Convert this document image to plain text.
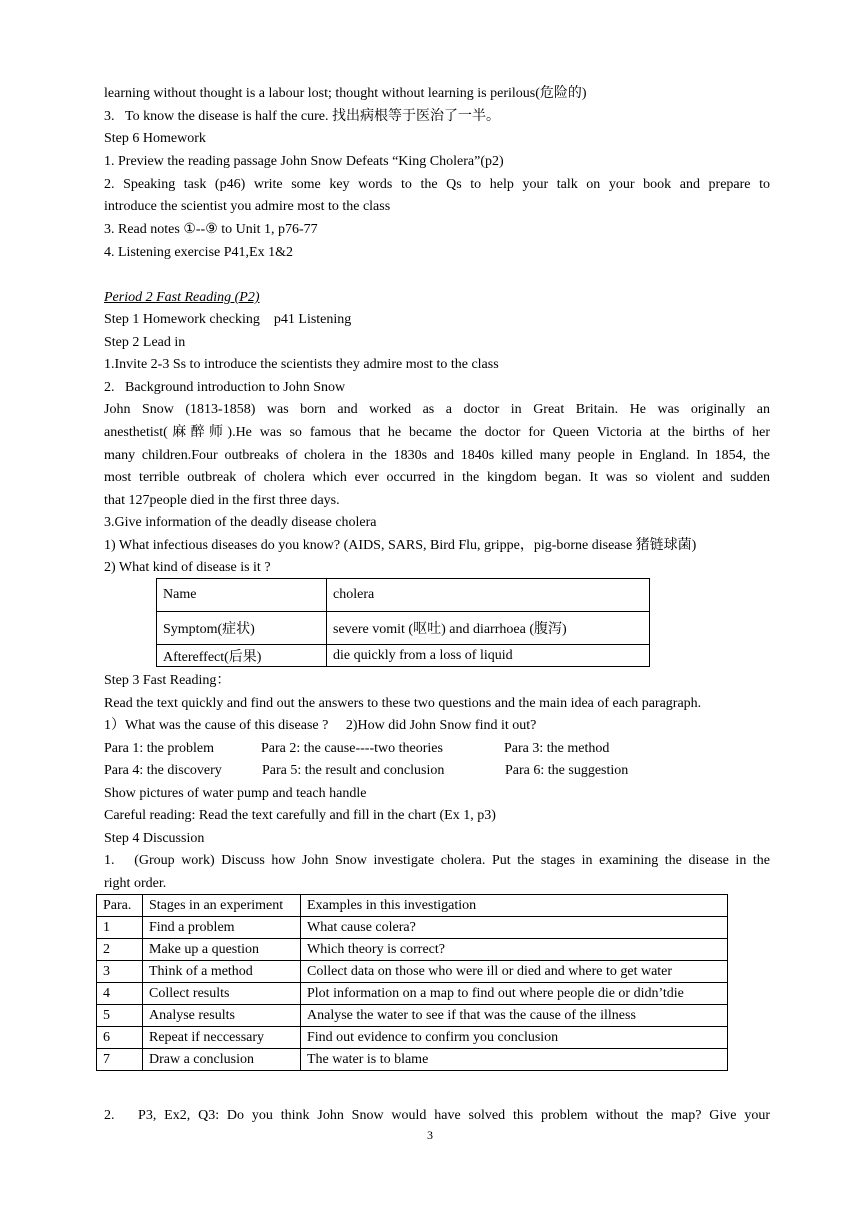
learning without thought is a labour lost; thought without learning is perilous(危险的)
3.   To know the disease is half the cure. 找出病根等于医治了一半。
Step 6 Homework
1. Preview the reading passage John Snow Defeats “King Cholera”(p2)
2. Speaking task (p46) write some key words to the Qs to help your talk on your book and prepare to
introduce the scientist you admire most to the class
3. Read notes ①--⑨ to Unit 1, p76-77
4. Listening exercise P41,Ex 1&2
Period 2 Fast Reading (P2)
Step 1 Homework checking    p41 Listening
Step 2 Lead in
1.Invite 2-3 Ss to introduce the scientists they admire most to the class
2.   Background introduction to John Snow
John Snow (1813-1858) was born and worked as a doctor in Great Britain. He was originally an
anesthetist(麻醉师).He was so famous that he became the doctor for Queen Victoria at the births of her
many children.Four outbreaks of cholera in the 1830s and 1840s killed many people in England. In 1854, the
most terrible outbreak of cholera which ever occurred in the kingdom began. It was so violent and sudden
that 127people died in the first three days.
3.Give information of the deadly disease cholera
1) What infectious diseases do you know? (AIDS, SARS, Bird Flu, grippe，pig-borne disease 猪链球菌)
2) What kind of disease is it ?
Name	cholera
Symptom(症状)	severe vomit (呕吐) and diarrhoea (腹泻)
Aftereffect(后果)	die quickly from a loss of liquid
Step 3 Fast Reading：
Read the text quickly and find out the answers to these two questions and the main idea of each paragraph.
1）What was the cause of this disease ?     2)How did John Snow find it out?
Para 1: the problem	Para 2: the cause----two theories	Para 3: the method
Para 4: the discovery	Para 5: the result and conclusion	Para 6: the suggestion
Show pictures of water pump and teach handle
Careful reading: Read the text carefully and fill in the chart (Ex 1, p3)
Step 4 Discussion
1.   (Group work) Discuss how John Snow investigate cholera. Put the stages in examining the disease in the
right order.
Para.	Stages in an experiment	Examples in this investigation
1	Find a problem	What cause colera?
2	Make up a question	Which theory is correct?
3	Think of a method	Collect data on those who were ill or died and where to get water
4	Collect results	Plot information on a map to find out where people die or didn’tdie
5	Analyse results	Analyse the water to see if that was the cause of the illness
6	Repeat if neccessary	Find out evidence to confirm you conclusion
7	Draw a conclusion	The water is to blame
2.   P3, Ex2, Q3: Do you think John Snow would have solved this problem without the map? Give your
3
